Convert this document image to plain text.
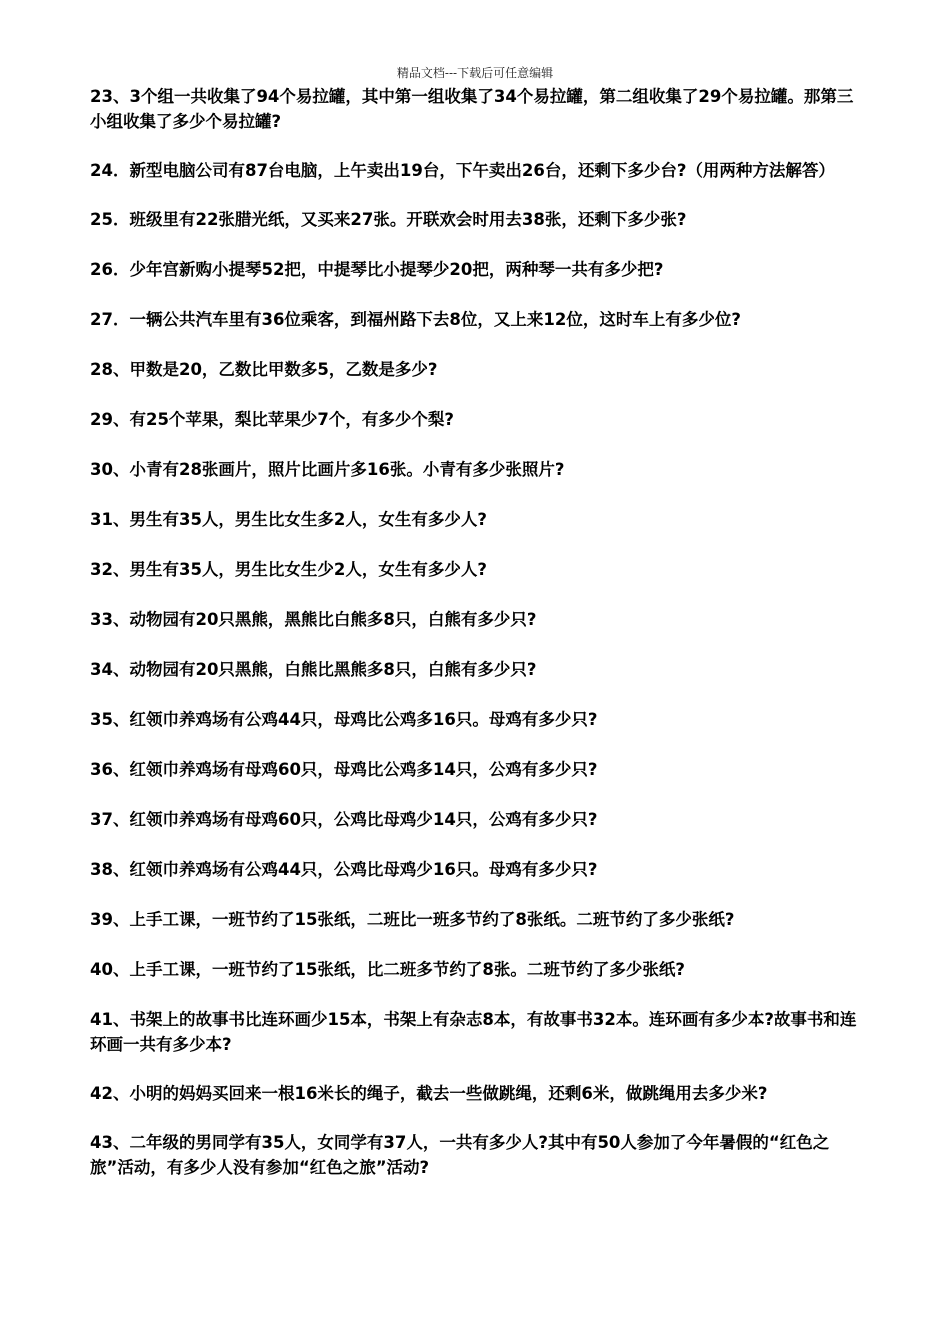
精品文档---下载后可任意编辑
23、3个组一共收集了94个易拉罐，其中第一组收集了34个易拉罐，第二组收集了29个易拉罐。那第三小组收集了多少个易拉罐?
24．新型电脑公司有87台电脑，上午卖出19台，下午卖出26台，还剩下多少台?（用两种方法解答）
25．班级里有22张腊光纸，又买来27张。开联欢会时用去38张，还剩下多少张?
26．少年宫新购小提琴52把，中提琴比小提琴少20把，两种琴一共有多少把?
27．一辆公共汽车里有36位乘客，到福州路下去8位，又上来12位，这时车上有多少位?
28、甲数是20，乙数比甲数多5，乙数是多少?
29、有25个苹果，梨比苹果少7个，有多少个梨?
30、小青有28张画片，照片比画片多16张。小青有多少张照片?
31、男生有35人，男生比女生多2人，女生有多少人?
32、男生有35人，男生比女生少2人，女生有多少人?
33、动物园有20只黑熊，黑熊比白熊多8只，白熊有多少只?
34、动物园有20只黑熊，白熊比黑熊多8只，白熊有多少只?
35、红领巾养鸡场有公鸡44只，母鸡比公鸡多16只。母鸡有多少只?
36、红领巾养鸡场有母鸡60只，母鸡比公鸡多14只，公鸡有多少只?
37、红领巾养鸡场有母鸡60只，公鸡比母鸡少14只，公鸡有多少只?
38、红领巾养鸡场有公鸡44只，公鸡比母鸡少16只。母鸡有多少只?
39、上手工课，一班节约了15张纸，二班比一班多节约了8张纸。二班节约了多少张纸?
40、上手工课，一班节约了15张纸，比二班多节约了8张。二班节约了多少张纸?
41、书架上的故事书比连环画少15本，书架上有杂志8本，有故事书32本。连环画有多少本?故事书和连环画一共有多少本?
42、小明的妈妈买回来一根16米长的绳子，截去一些做跳绳，还剩6米，做跳绳用去多少米?
43、二年级的男同学有35人，女同学有37人，一共有多少人?其中有50人参加了今年暑假的“红色之旅”活动，有多少人没有参加“红色之旅”活动?
